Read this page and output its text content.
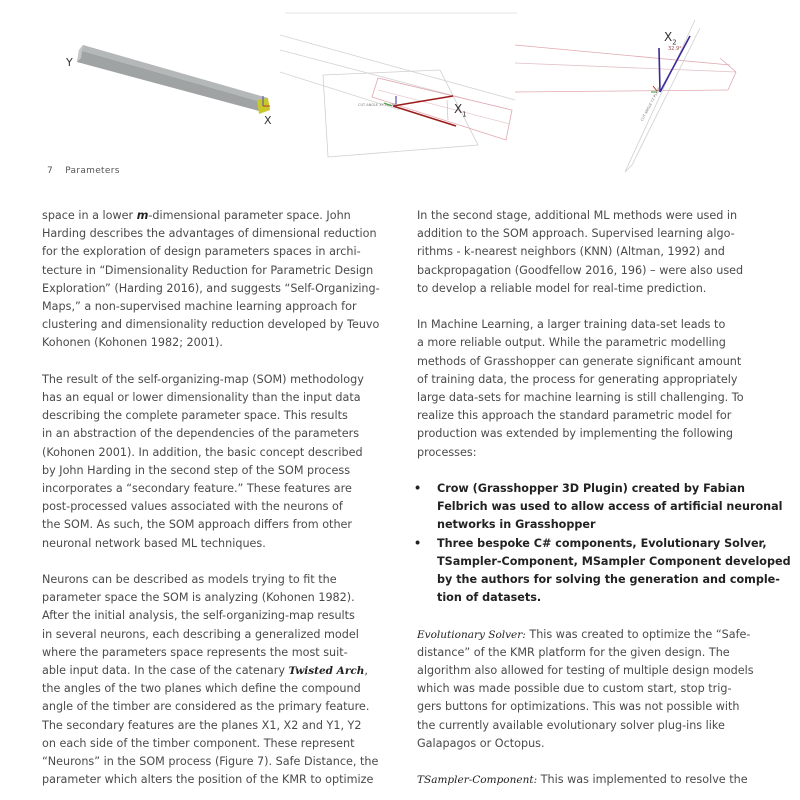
Y
X
$X_1$
CUT ANGLE XY PLANE
$X_2$
32.9°
CUT ANGLE YZ PLANE
7 Parameters

space in a lower m-dimensional parameter space. John

Harding describes the advantages of dimensional reduction

for the exploration of design parameters spaces in archi-

tecture in “Dimensionality Reduction for Parametric Design

Exploration” (Harding 2016), and suggests “Self-Organizing-

Maps,” a non-supervised machine learning approach for

clustering and dimensionality reduction developed by Teuvo

Kohonen (Kohonen 1982; 2001).

The result of the self-organizing-map (SOM) methodology

has an equal or lower dimensionality than the input data

describing the complete parameter space. This results

in an abstraction of the dependencies of the parameters

(Kohonen 2001). In addition, the basic concept described

by John Harding in the second step of the SOM process

incorporates a “secondary feature.” These features are

post-processed values associated with the neurons of

the SOM. As such, the SOM approach differs from other

neuronal network based ML techniques.

Neurons can be described as models trying to fit the

parameter space the SOM is analyzing (Kohonen 1982).

After the initial analysis, the self-organizing-map results

in several neurons, each describing a generalized model

where the parameters space represents the most suit-

able input data. In the case of the catenary Twisted Arch,

the angles of the two planes which define the compound

angle of the timber are considered as the primary feature.

The secondary features are the planes X1, X2 and Y1, Y2

on each side of the timber component. These represent

“Neurons” in the SOM process (Figure 7). Safe Distance, the

parameter which alters the position of the KMR to optimize

In the second stage, additional ML methods were used in

addition to the SOM approach. Supervised learning algo-

rithms - k-nearest neighbors (KNN) (Altman, 1992) and

backpropagation (Goodfellow 2016, 196) – were also used

to develop a reliable model for real-time prediction.

In Machine Learning, a larger training data-set leads to

a more reliable output. While the parametric modelling

methods of Grasshopper can generate significant amount

of training data, the process for generating appropriately

large data-sets for machine learning is still challenging. To

realize this approach the standard parametric model for

production was extended by implementing the following

processes:

• Crow (Grasshopper 3D Plugin) created by Fabian

Felbrich was used to allow access of artificial neuronal

networks in Grasshopper

• Three bespoke C# components, Evolutionary Solver,

TSampler-Component, MSampler Component developed

by the authors for solving the generation and comple-

tion of datasets.

Evolutionary Solver: This was created to optimize the “Safe-

distance” of the KMR platform for the given design. The

algorithm also allowed for testing of multiple design models

which was made possible due to custom start, stop trig-

gers buttons for optimizations. This was not possible with

the currently available evolutionary solver plug-ins like

Galapagos or Octopus.

TSampler-Component: This was implemented to resolve the
